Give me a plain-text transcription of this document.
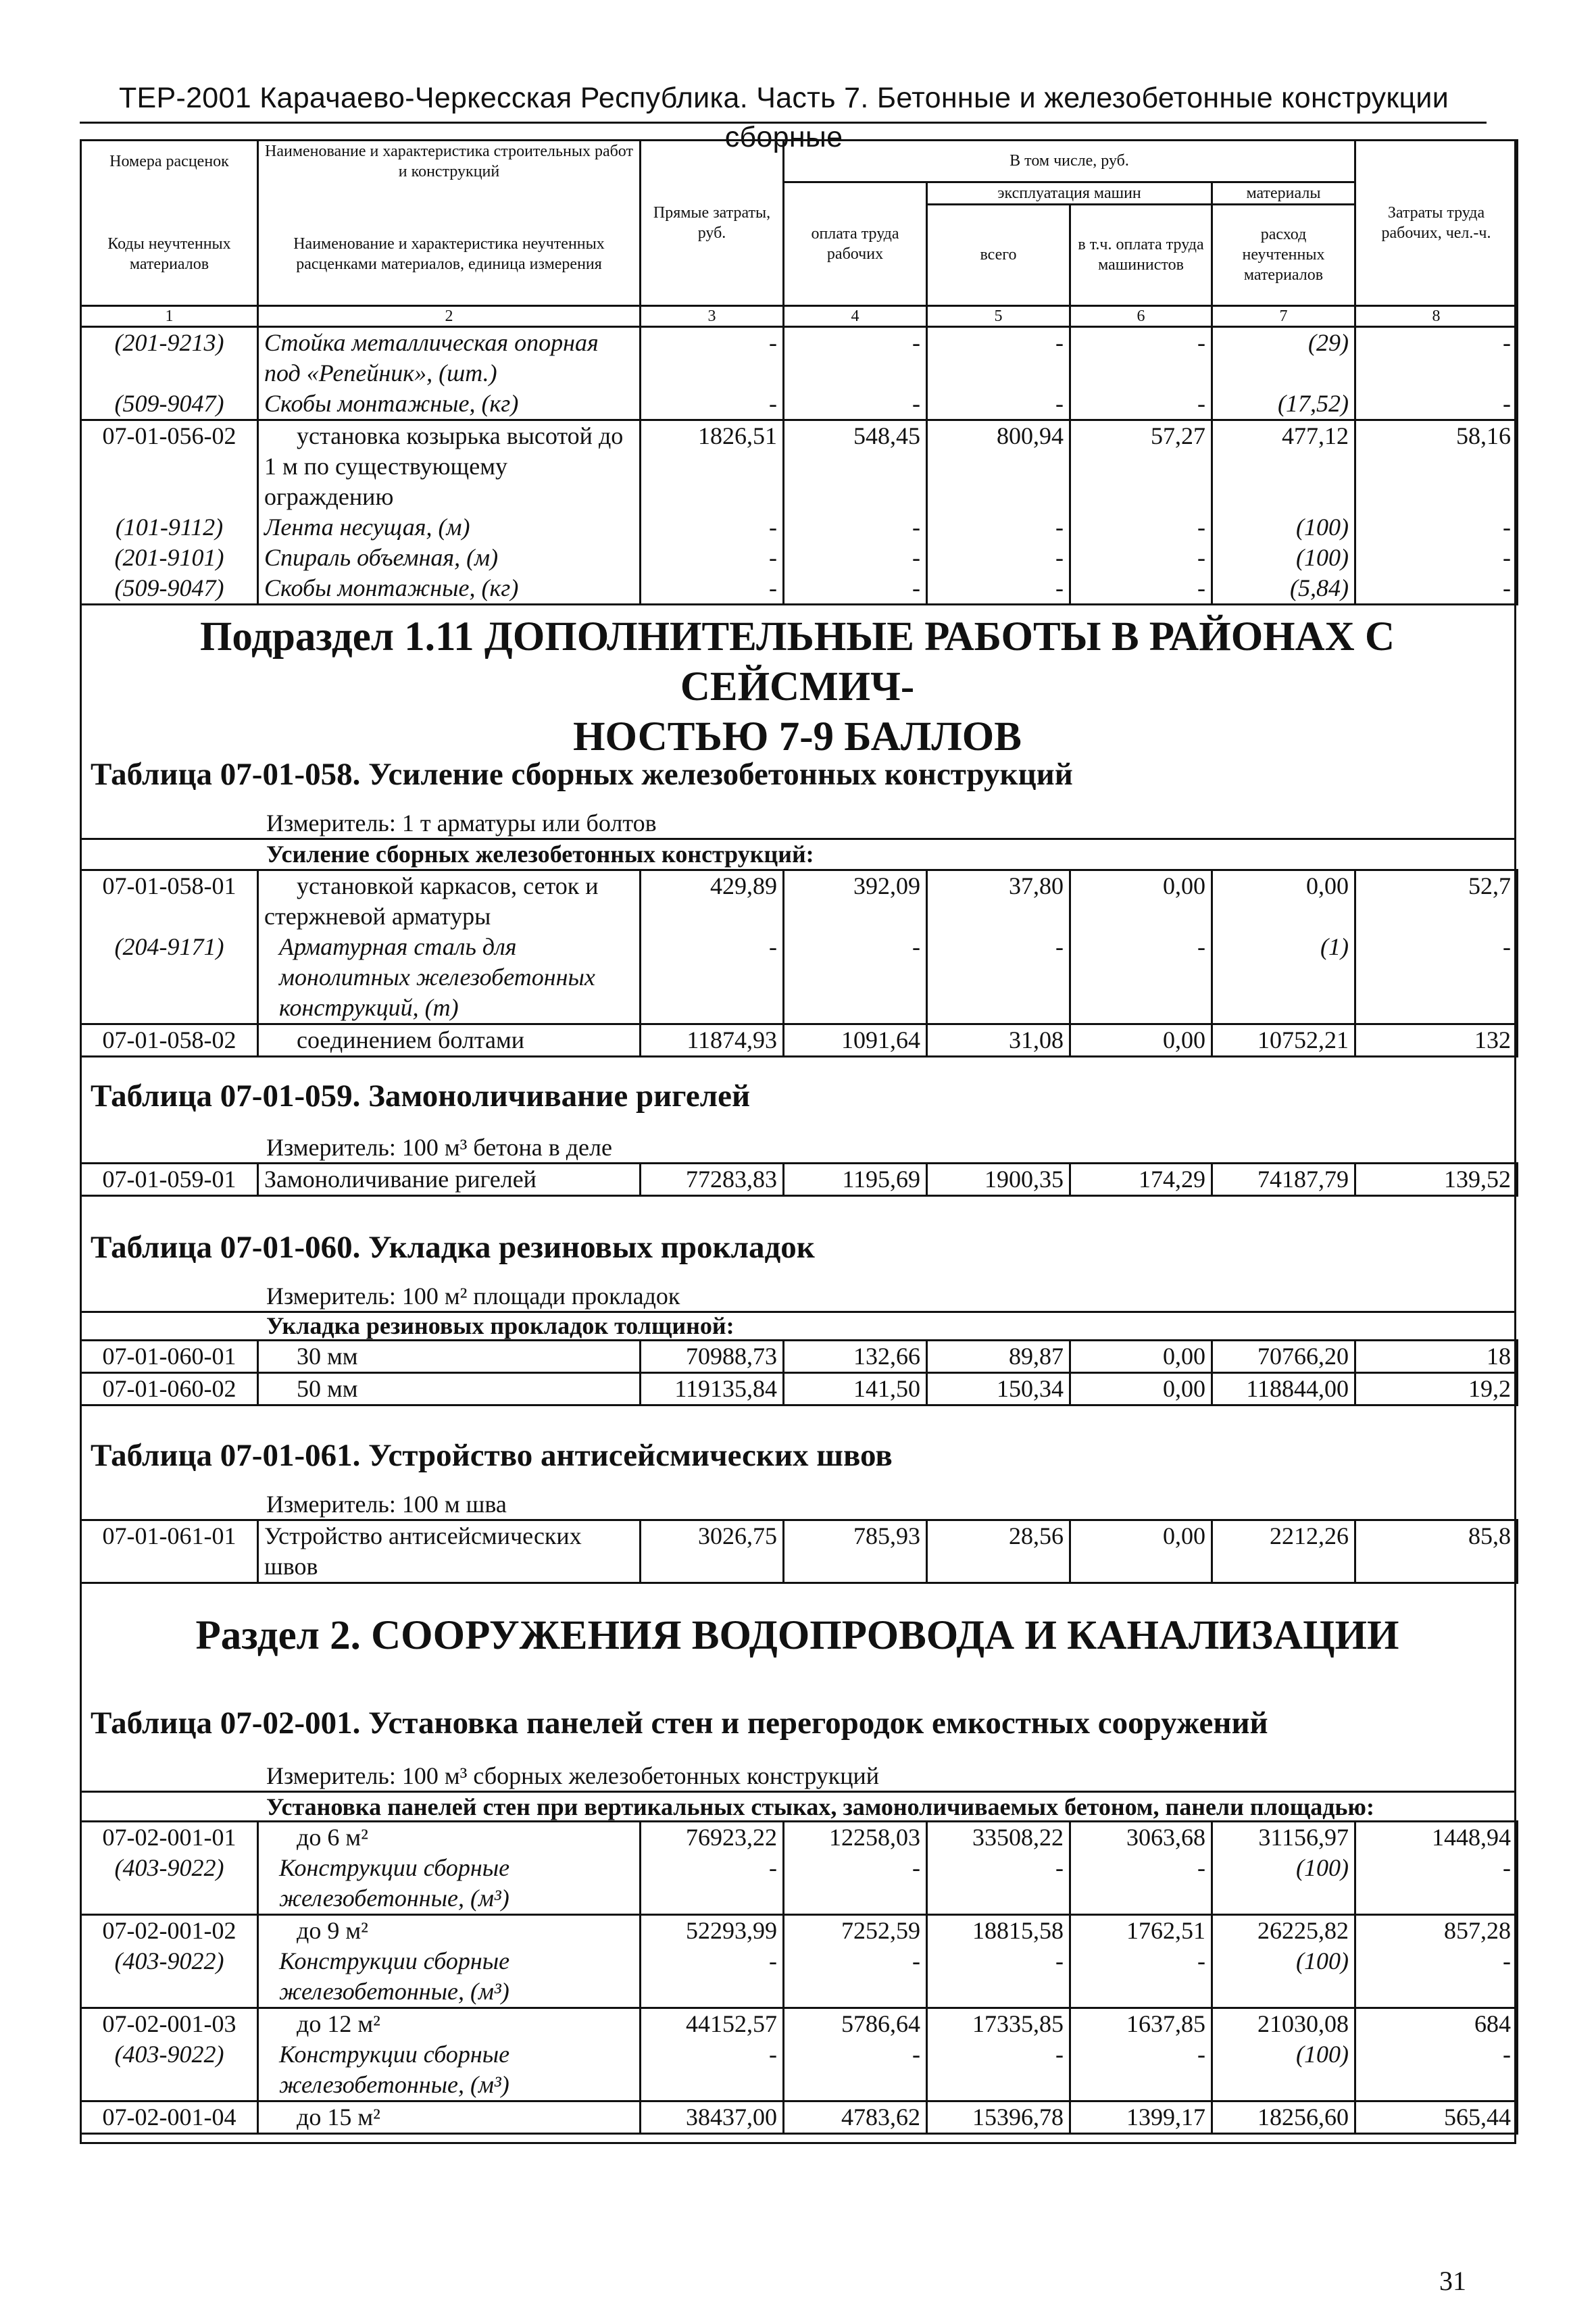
ТЕР-2001 Карачаево-Черкесская Республика. Часть 7. Бетонные и железобетонные конструкции сборные
Номера расценок	Наименование и характеристика строительных работ и конструкций	Прямые затраты, руб.	В том числе, руб.				Затраты труда рабочих, чел.-ч.
			оплата труда рабочих	эксплуатация машин		материалы	
Коды неучтенных материалов	Наименование и характеристика неучтенных расценками материалов, единица измерения			всего	в т.ч. оплата труда машинистов	расход неучтенных материалов	
1	2	3	4	5	6	7	8
(201-9213)	Стойка металлическая опорная под «Репейник», (шт.)	-	-	-	-	(29)	-
(509-9047)	Скобы монтажные, (кг)	-	-	-	-	(17,52)	-
07-01-056-02	установка козырька высотой до 1 м по существующему ограждению	1826,51	548,45	800,94	57,27	477,12	58,16
(101-9112)	Лента несущая, (м)	-	-	-	-	(100)	-
(201-9101)	Спираль объемная, (м)	-	-	-	-	(100)	-
(509-9047)	Скобы монтажные, (кг)	-	-	-	-	(5,84)	-
Подраздел 1.11 ДОПОЛНИТЕЛЬНЫЕ РАБОТЫ В РАЙОНАХ С СЕЙСМИЧ-
НОСТЬЮ 7-9 БАЛЛОВ
Таблица 07-01-058. Усиление сборных железобетонных конструкций
Измеритель: 1 т арматуры или болтов
Усиление сборных железобетонных конструкций:
07-01-058-01	установкой каркасов, сеток и стержневой арматуры	429,89	392,09	37,80	0,00	0,00	52,7
(204-9171)	Арматурная сталь для монолитных железобетонных конструкций, (т)	-	-	-	-	(1)	-
07-01-058-02	соединением болтами	11874,93	1091,64	31,08	0,00	10752,21	132
Таблица 07-01-059. Замоноличивание ригелей
Измеритель: 100 м³ бетона в деле
07-01-059-01	Замоноличивание ригелей	77283,83	1195,69	1900,35	174,29	74187,79	139,52
Таблица 07-01-060. Укладка резиновых прокладок
Измеритель: 100 м² площади прокладок
Укладка резиновых прокладок толщиной:
07-01-060-01	30 мм	70988,73	132,66	89,87	0,00	70766,20	18
07-01-060-02	50 мм	119135,84	141,50	150,34	0,00	118844,00	19,2
Таблица 07-01-061. Устройство антисейсмических швов
Измеритель: 100 м шва
07-01-061-01	Устройство антисейсмических швов	3026,75	785,93	28,56	0,00	2212,26	85,8
Раздел 2. СООРУЖЕНИЯ ВОДОПРОВОДА И КАНАЛИЗАЦИИ
Таблица 07-02-001. Установка панелей стен и перегородок емкостных сооружений
Измеритель: 100 м³ сборных железобетонных конструкций
Установка панелей стен при вертикальных стыках, замоноличиваемых бетоном, панели площадью:
07-02-001-01	до 6 м²	76923,22	12258,03	33508,22	3063,68	31156,97	1448,94
(403-9022)	Конструкции сборные железобетонные, (м³)	-	-	-	-	(100)	-
07-02-001-02	до 9 м²	52293,99	7252,59	18815,58	1762,51	26225,82	857,28
(403-9022)	Конструкции сборные железобетонные, (м³)	-	-	-	-	(100)	-
07-02-001-03	до 12 м²	44152,57	5786,64	17335,85	1637,85	21030,08	684
(403-9022)	Конструкции сборные железобетонные, (м³)	-	-	-	-	(100)	-
07-02-001-04	до 15 м²	38437,00	4783,62	15396,78	1399,17	18256,60	565,44
31
